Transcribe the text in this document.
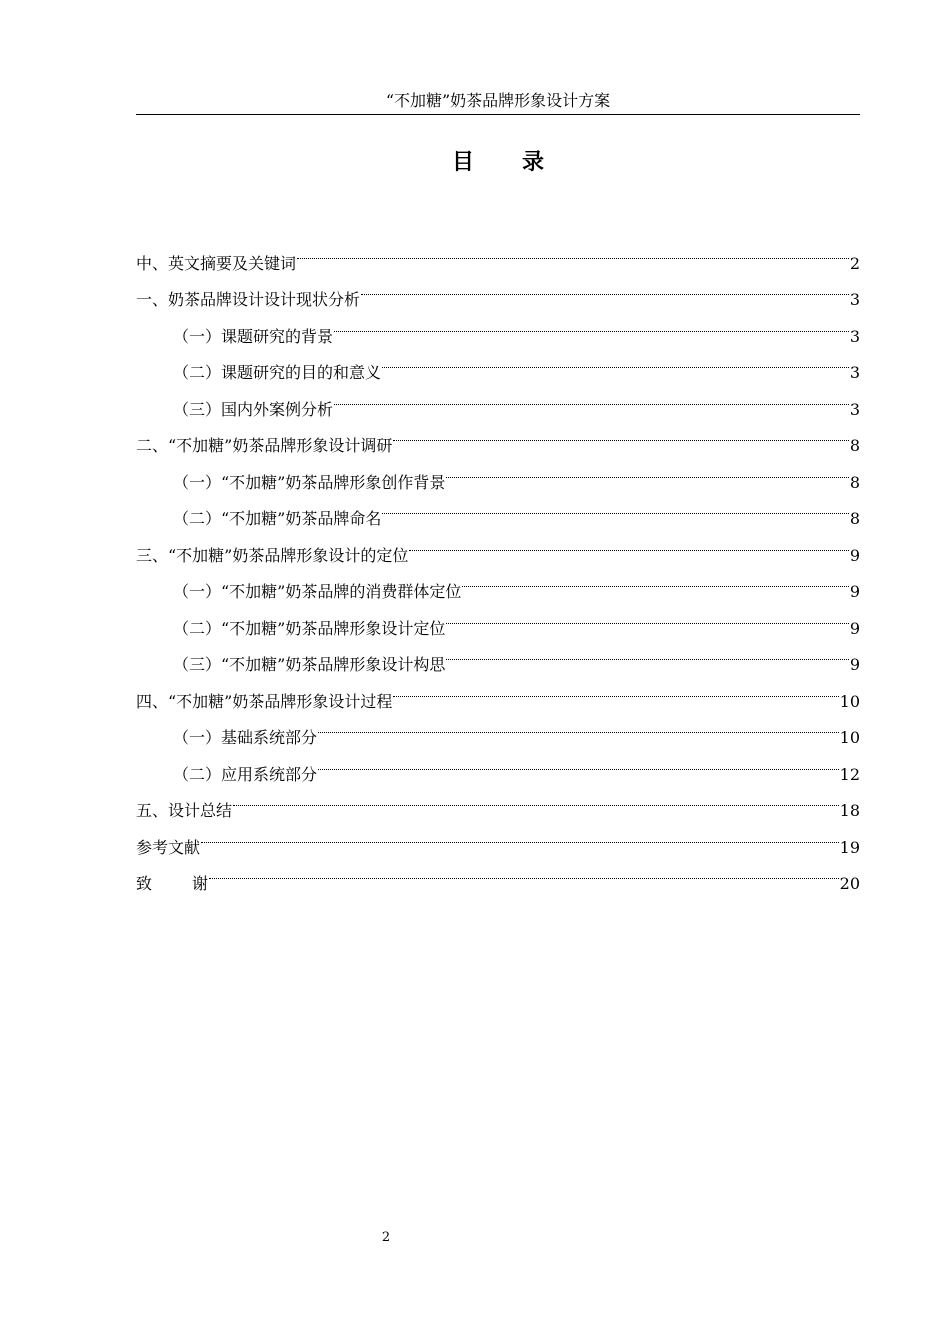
“不加糖”奶茶品牌形象设计方案
目 录
中、英文摘要及关键词	2
一、奶茶品牌设计设计现状分析	3
（一）课题研究的背景	3
（二）课题研究的目的和意义	3
（三）国内外案例分析	3
二、“不加糖”奶茶品牌形象设计调研	8
（一）“不加糖”奶茶品牌形象创作背景	8
（二）“不加糖”奶茶品牌命名	8
三、“不加糖”奶茶品牌形象设计的定位	9
（一）“不加糖”奶茶品牌的消费群体定位	9
（二）“不加糖”奶茶品牌形象设计定位	9
（三）“不加糖”奶茶品牌形象设计构思	9
四、“不加糖”奶茶品牌形象设计过程	10
（一）基础系统部分	10
（二）应用系统部分	12
五、设计总结	18
参考文献	19
致	谢	20
2
